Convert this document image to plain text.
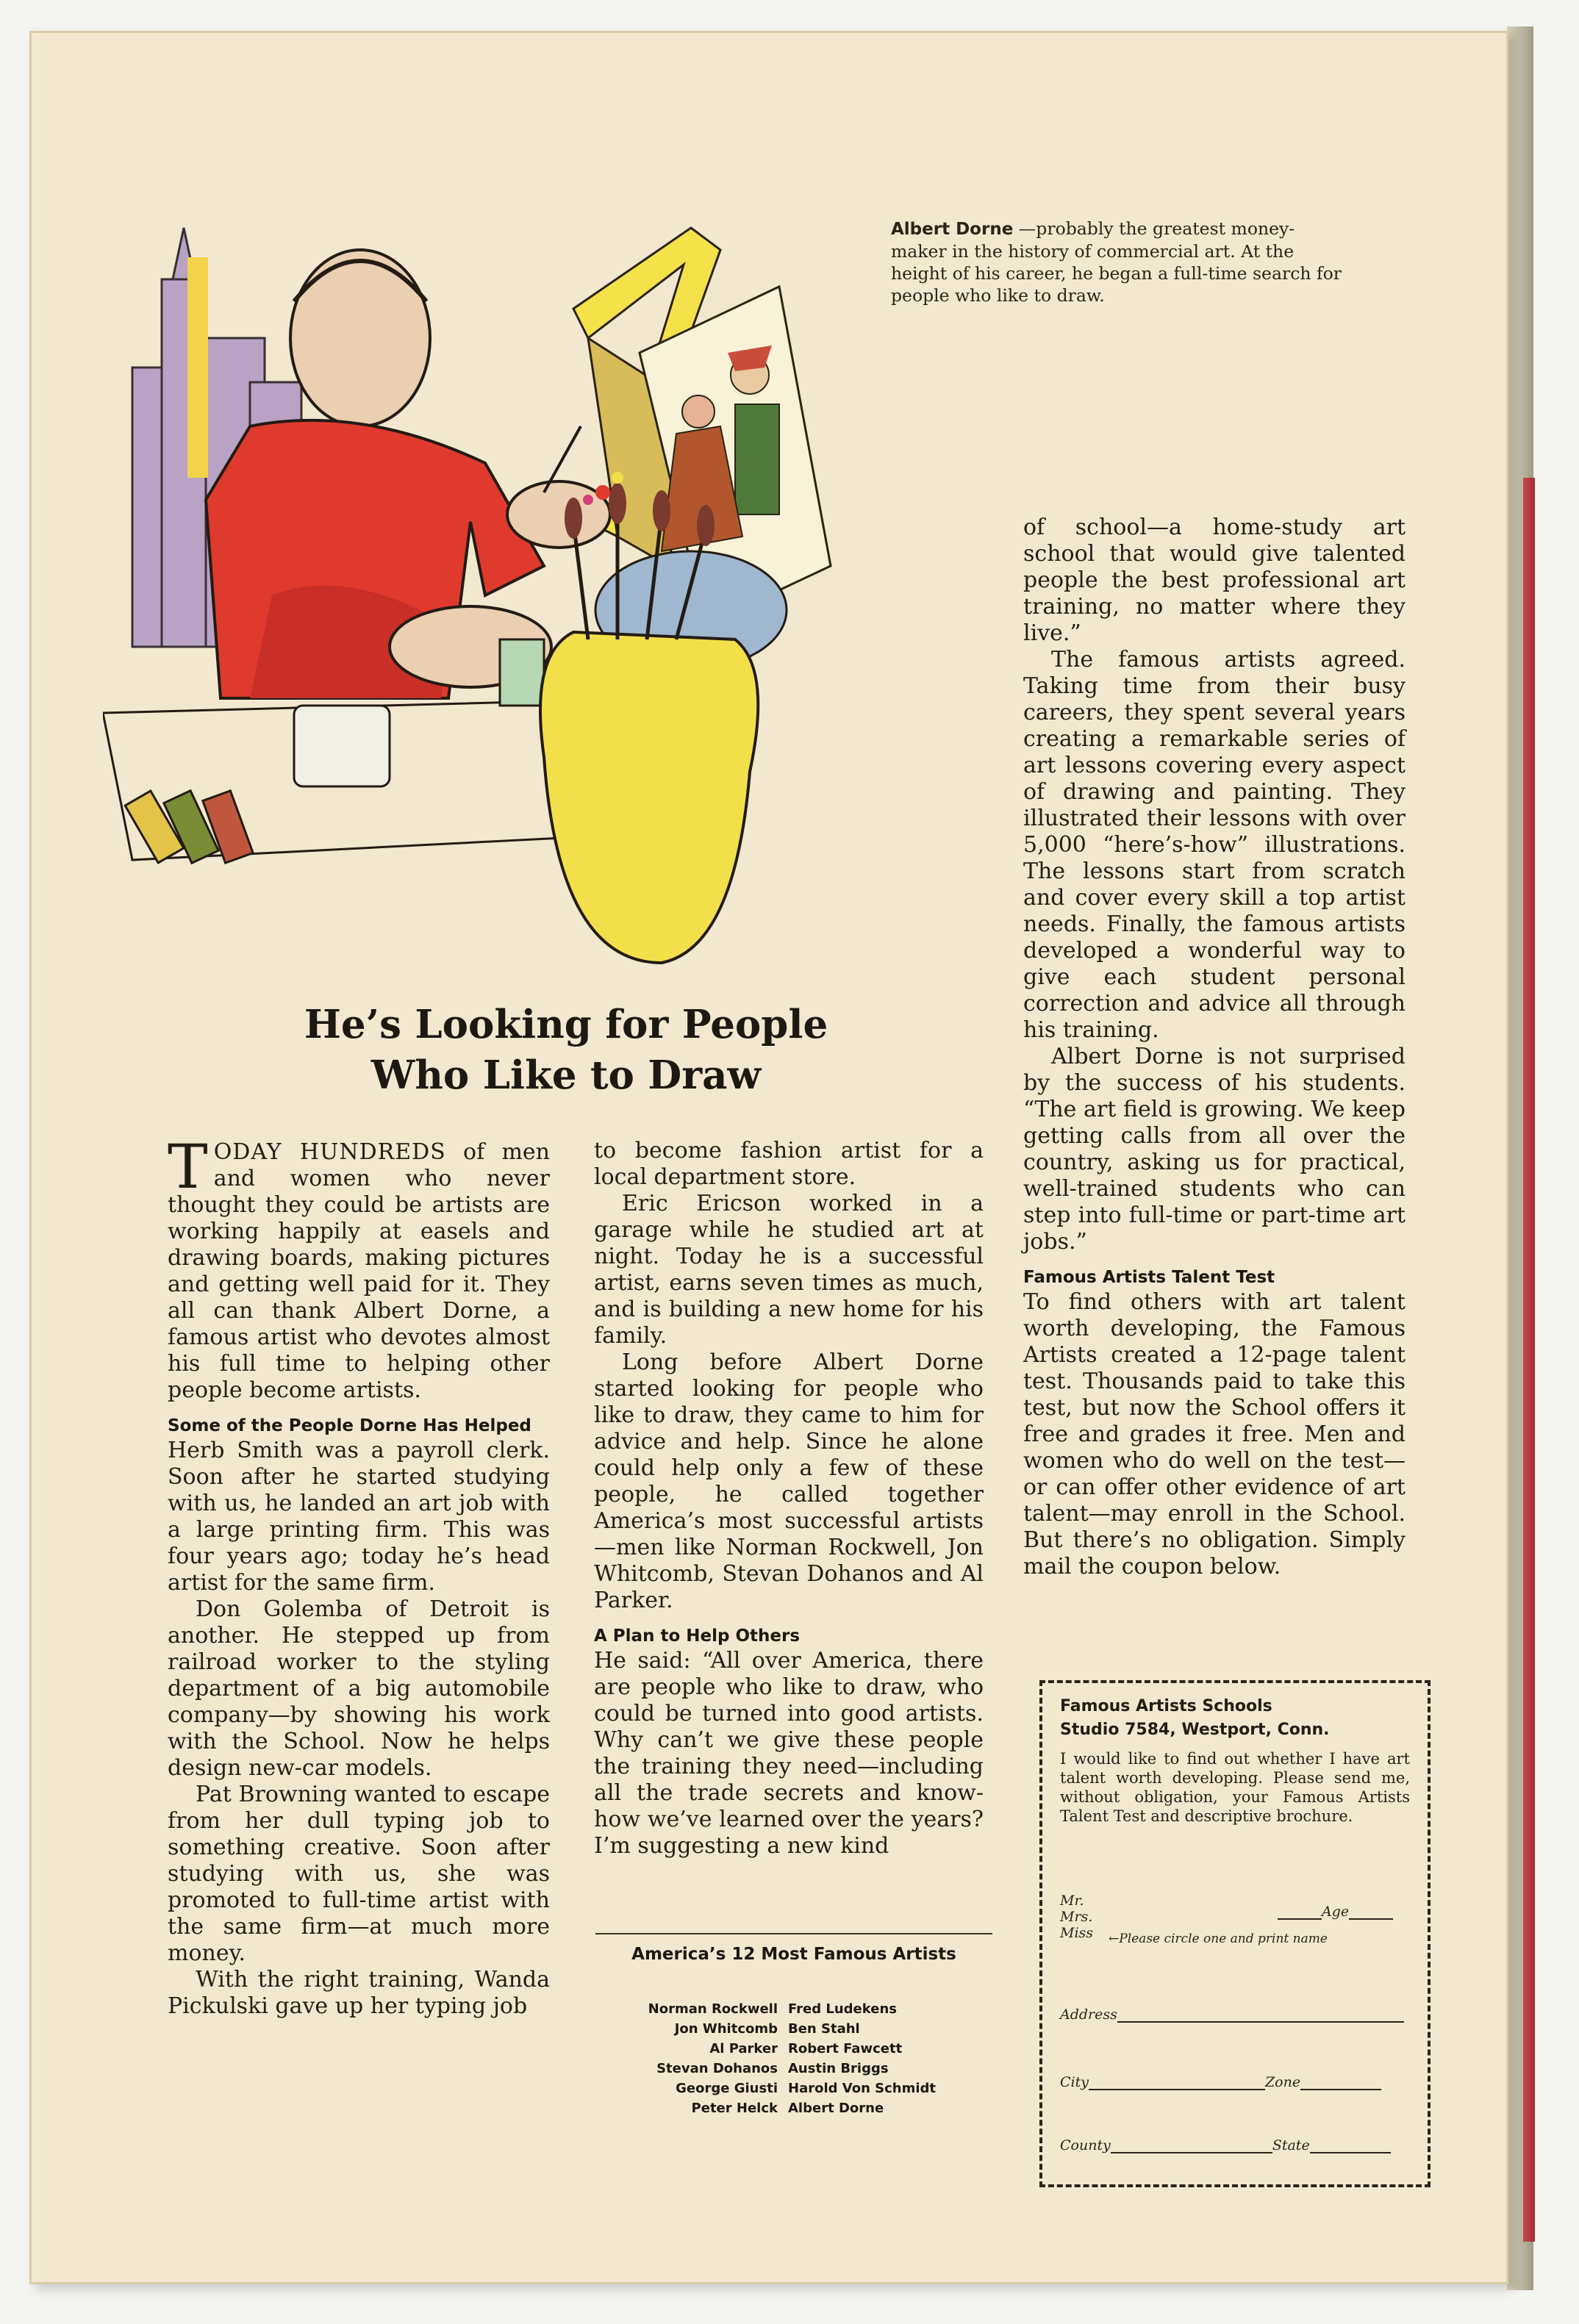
Albert Dorne —probably the greatest money-maker in the history of commercial art. At the height of his career, he began a full-time search for people who like to draw.
He’s Looking for People
Who Like to Draw

TODAY HUNDREDS of men and women who never thought they could be artists are working happily at easels and drawing boards, making pictures and getting well paid for it. They all can thank Albert Dorne, a famous artist who devotes almost his full time to helping other people become artists.

Some of the People Dorne Has Helped

Herb Smith was a payroll clerk. Soon after he started studying with us, he landed an art job with a large printing firm. This was four years ago; today he’s head artist for the same firm.

Don Golemba of Detroit is another. He stepped up from railroad worker to the styling department of a big automobile company—by showing his work with the School. Now he helps design new-car models.

Pat Browning wanted to escape from her dull typing job to something creative. Soon after studying with us, she was promoted to full-time artist with the same firm—at much more money.

With the right training, Wanda Pickulski gave up her typing job

to become fashion artist for a local department store.

Eric Ericson worked in a garage while he studied art at night. Today he is a successful artist, earns seven times as much, and is building a new home for his family.

Long before Albert Dorne started looking for people who like to draw, they came to him for advice and help. Since he alone could help only a few of these people, he called together America’s most successful artists—men like Norman Rockwell, Jon Whitcomb, Stevan Dohanos and Al Parker.

A Plan to Help Others

He said: “All over America, there are people who like to draw, who could be turned into good artists. Why can’t we give these people the training they need—including all the trade secrets and know-how we’ve learned over the years? I’m suggesting a new kind

America’s 12 Most Famous Artists
Norman Rockwell Fred Ludekens
Jon Whitcomb Ben Stahl
Al Parker Robert Fawcett
Stevan Dohanos Austin Briggs
George Giusti Harold Von Schmidt
Peter Helck Albert Dorne

of school—a home-study art school that would give talented people the best professional art training, no matter where they live.”

The famous artists agreed. Taking time from their busy careers, they spent several years creating a remarkable series of art lessons covering every aspect of drawing and painting. They illustrated their lessons with over 5,000 “here’s-how” illustrations. The lessons start from scratch and cover every skill a top artist needs. Finally, the famous artists developed a wonderful way to give each student personal correction and advice all through his training.

Albert Dorne is not surprised by the success of his students. “The art field is growing. We keep getting calls from all over the country, asking us for practical, well-trained students who can step into full-time or part-time art jobs.”

Famous Artists Talent Test

To find others with art talent worth developing, the Famous Artists created a 12-page talent test. Thousands paid to take this test, but now the School offers it free and grades it free. Men and women who do well on the test—or can offer other evidence of art talent—may enroll in the School. But there’s no obligation. Simply mail the coupon below.

Famous Artists Schools
Studio 7584, Westport, Conn.
I would like to find out whether I have art talent worth developing. Please send me, without obligation, your Famous Artists Talent Test and descriptive brochure.
Mr.
Mrs.
Miss ←Please circle one and print name
Age
Address
City	Zone
County	State
